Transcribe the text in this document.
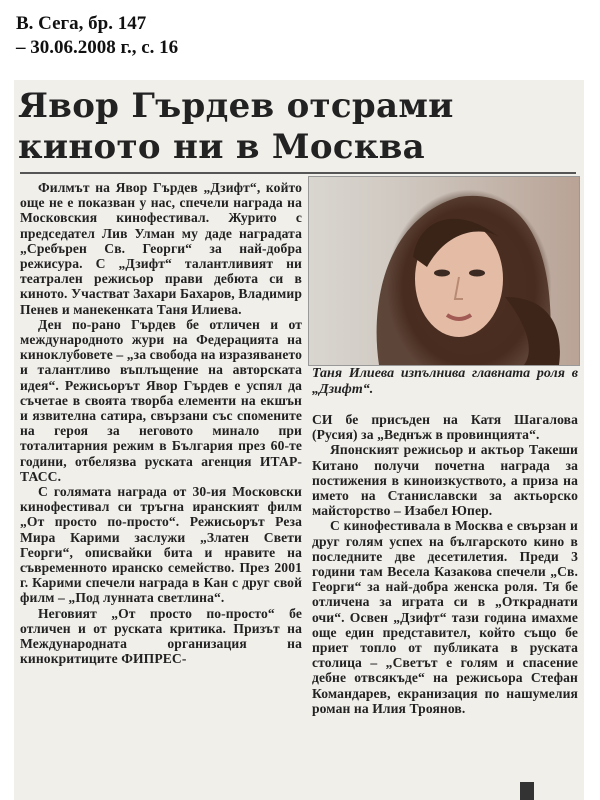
В. Сега, бр. 147
– 30.06.2008 г., с. 16
Явор Гърдев отсрами
киното ни в Москва

Филмът на Явор Гърдев „Дзифт“, който още не е показван у нас, спечели награда на Московския кинофестивал. Журито с председател Лив Улман му даде наградата „Сребърен Св. Георги“ за най-добра режисура. С „Дзифт“ талантливият ни театрален режисьор прави дебюта си в киното. Участват Захари Бахаров, Владимир Пенев и манекенката Таня Илиева.

Ден по-рано Гърдев бе отличен и от международното жури на Федерацията на киноклубовете – „за свобода на изразяването и талантливо въплъщение на авторската идея“. Режисьорът Явор Гърдев е успял да съчетае в своята творба елементи на екшън и язвителна сатира, свързани със спомените на героя за неговото минало при тоталитарния режим в България през 60-те години, отбелязва руската агенция ИТАР-ТАСС.

С голямата награда от 30-ия Московски кинофестивал си тръгна иранският филм „От просто по-просто“. Режисьорът Реза Мира Карими заслужи „Златен Свети Георги“, описвайки бита и нравите на съвременното иранско семейство. През 2001 г. Карими спечели награда в Кан с друг свой филм – „Под лунната светлина“.

Неговият „От просто по-просто“ бе отличен и от руската критика. Призът на Международната организация на кинокритиците ФИПРЕС-

Таня Илиева изпълнива главната роля в „Дзифт“.

СИ бе присъден на Катя Шагалова (Русия) за „Веднъж в провинцията“.

Японският режисьор и актьор Такеши Китано получи почетна награда за постижения в киноизкуството, а приза на името на Станиславски за актьорско майсторство – Изабел Юпер.

С кинофестивала в Москва е свързан и друг голям успех на българското кино в последните две десетилетия. Преди 3 години там Весела Казакова спечели „Св. Георги“ за най-добра женска роля. Тя бе отличена за играта си в „Откраднати очи“. Освен „Дзифт“ тази година имахме още един представител, който също бе приет топло от публиката в руската столица – „Светът е голям и спасение дебне отвсякъде“ на режисьора Стефан Командарев, екранизация по нашумелия роман на Илия Троянов.
